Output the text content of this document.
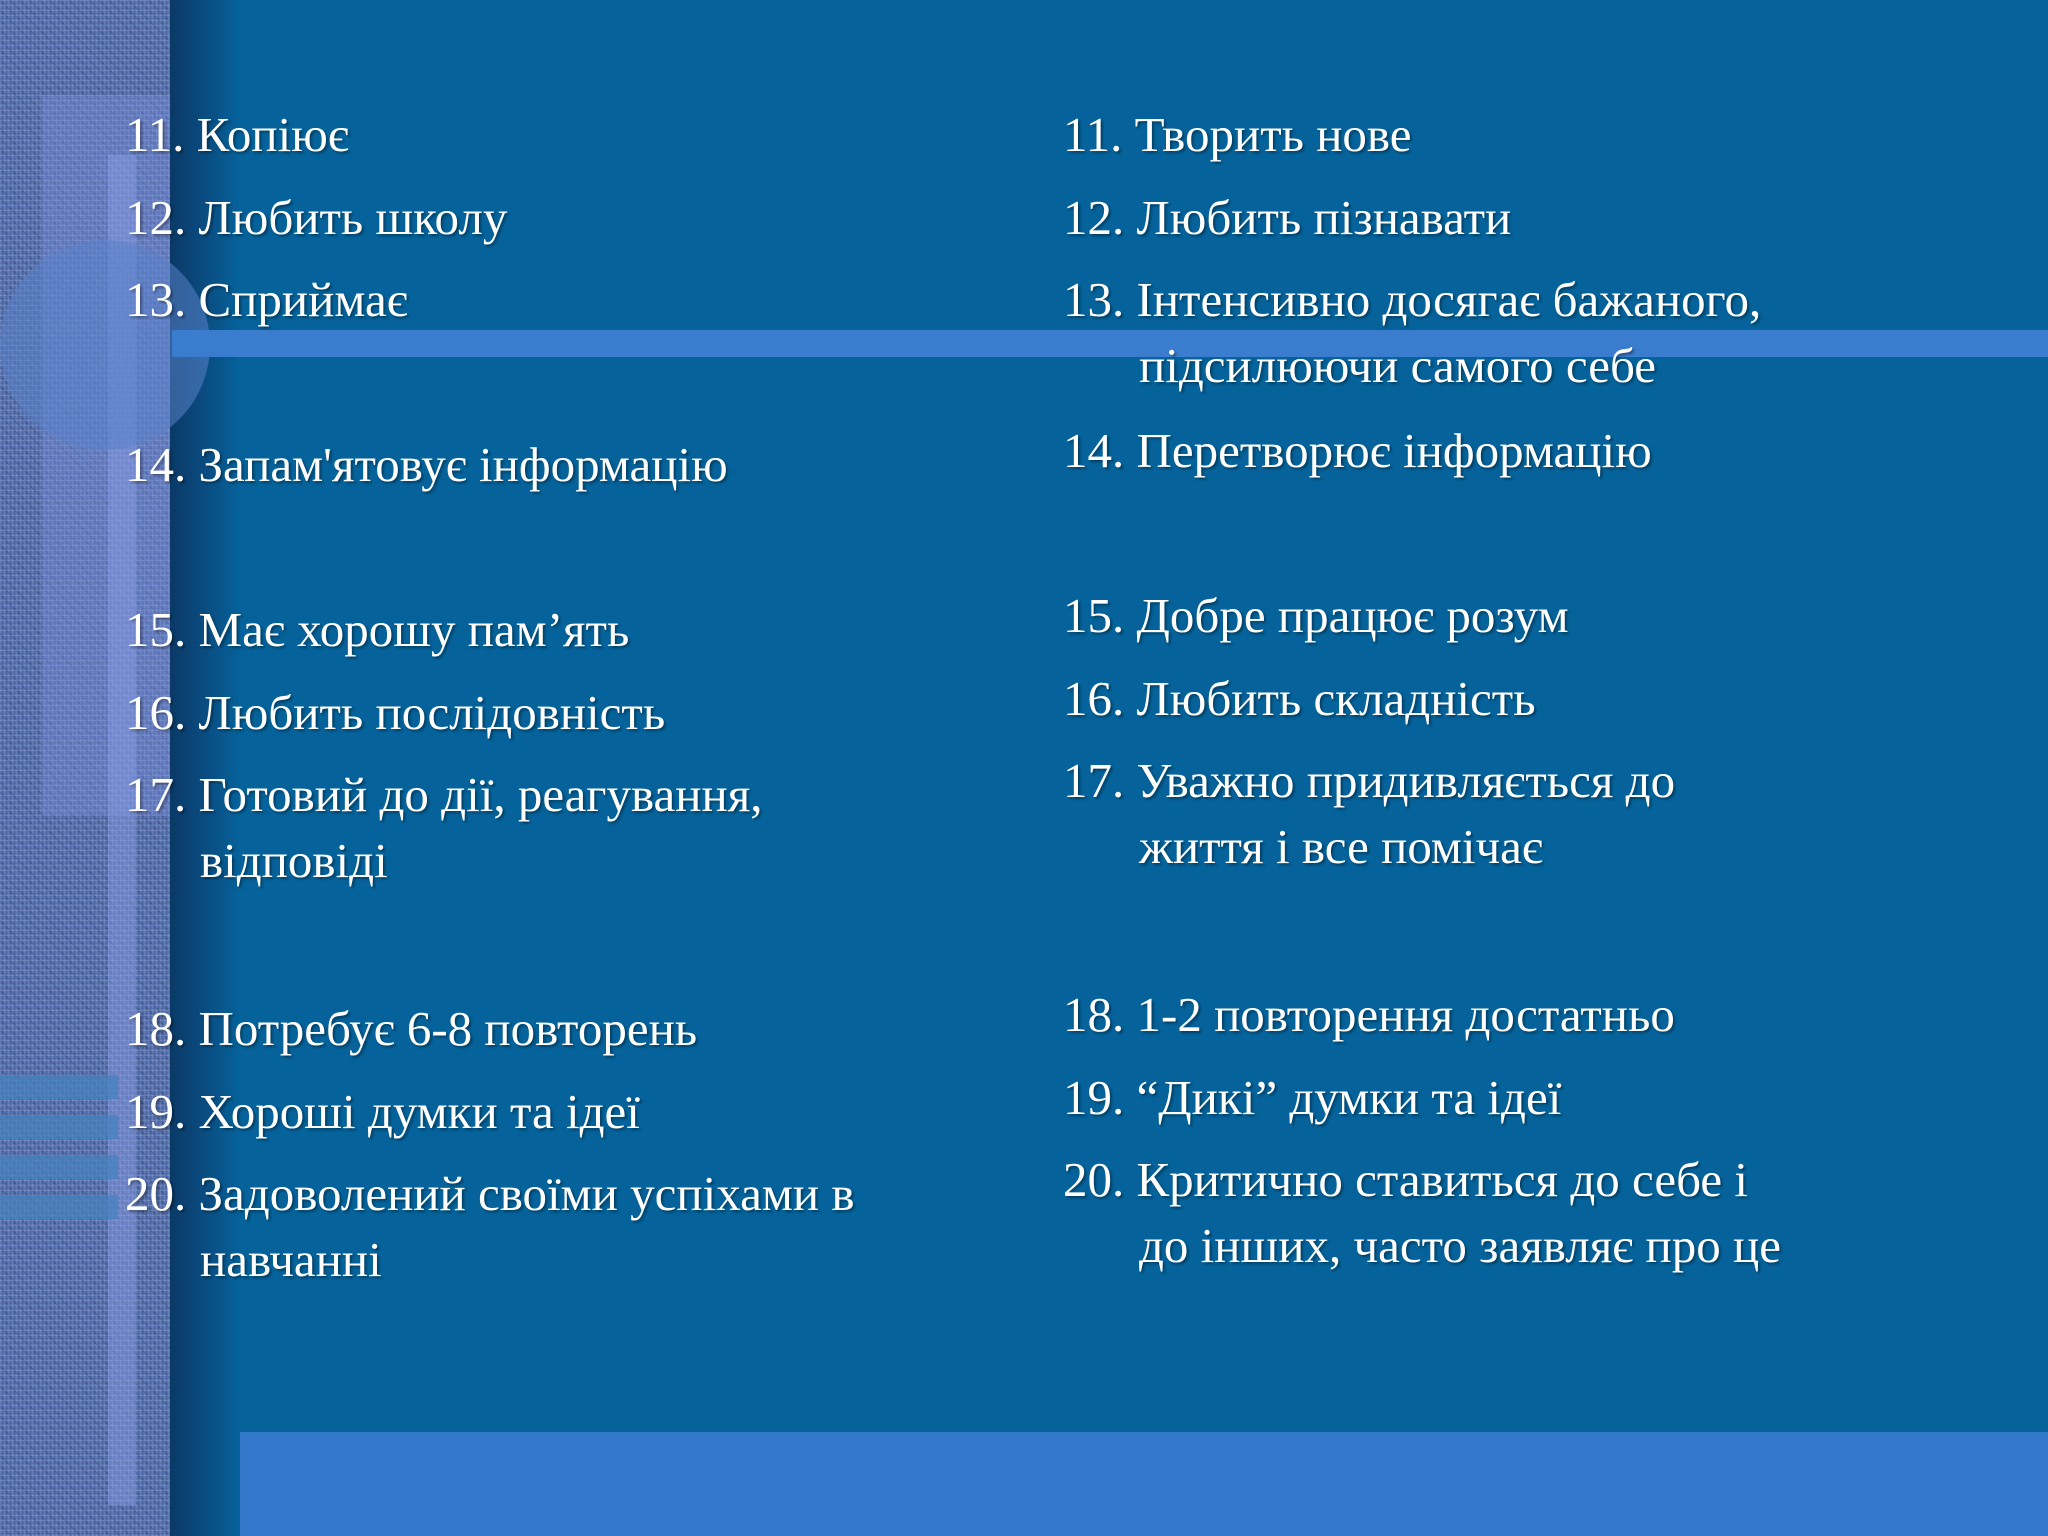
11. Копіює
12. Любить школу
13. Сприймає
14. Запам'ятовує інформацію
15. Має хорошу пам’ять
16. Любить послідовність
17. Готовий до дії, реагування,
відповіді
18. Потребує 6-8 повторень
19. Хороші думки та ідеї
20. Задоволений своїми успіхами в
навчанні
11. Творить нове
12. Любить пізнавати
13. Інтенсивно досягає бажаного,
підсилюючи самого себе
14. Перетворює інформацію
15. Добре працює розум
16. Любить складність
17. Уважно придивляється до
життя і все помічає
18. 1-2 повторення достатньо
19. “Дикі” думки та ідеї
20. Критично ставиться до себе і
до інших, часто заявляє про це
